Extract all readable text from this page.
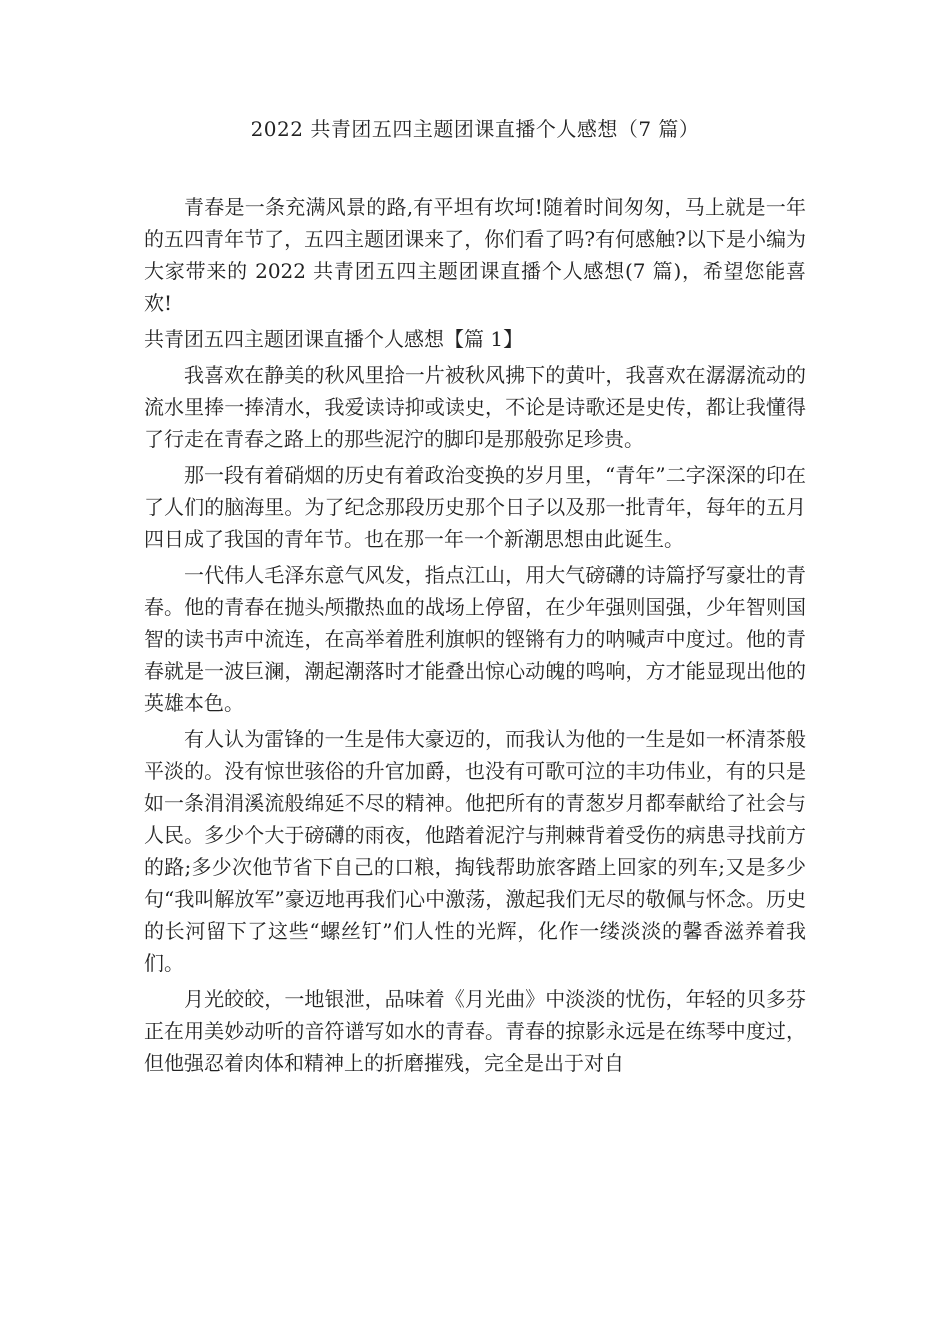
2022 共青团五四主题团课直播个人感想（7 篇）

青春是一条充满风景的路,有平坦有坎坷!随着时间匆匆，马上就是一年的五四青年节了，五四主题团课来了，你们看了吗?有何感触?以下是小编为大家带来的 2022 共青团五四主题团课直播个人感想(7 篇)，希望您能喜欢!

共青团五四主题团课直播个人感想【篇 1】

我喜欢在静美的秋风里拾一片被秋风拂下的黄叶，我喜欢在潺潺流动的流水里捧一捧清水，我爱读诗抑或读史，不论是诗歌还是史传，都让我懂得了行走在青春之路上的那些泥泞的脚印是那般弥足珍贵。

那一段有着硝烟的历史有着政治变换的岁月里，“青年”二字深深的印在了人们的脑海里。为了纪念那段历史那个日子以及那一批青年，每年的五月四日成了我国的青年节。也在那一年一个新潮思想由此诞生。

一代伟人毛泽东意气风发，指点江山，用大气磅礴的诗篇抒写豪壮的青春。他的青春在抛头颅撒热血的战场上停留，在少年强则国强，少年智则国智的读书声中流连，在高举着胜利旗帜的铿锵有力的呐喊声中度过。他的青春就是一波巨澜，潮起潮落时才能叠出惊心动魄的鸣响，方才能显现出他的英雄本色。

有人认为雷锋的一生是伟大豪迈的，而我认为他的一生是如一杯清茶般平淡的。没有惊世骇俗的升官加爵，也没有可歌可泣的丰功伟业，有的只是如一条涓涓溪流般绵延不尽的精神。他把所有的青葱岁月都奉献给了社会与人民。多少个大于磅礴的雨夜，他踏着泥泞与荆棘背着受伤的病患寻找前方的路;多少次他节省下自己的口粮，掏钱帮助旅客踏上回家的列车;又是多少句“我叫解放军”豪迈地再我们心中激荡，激起我们无尽的敬佩与怀念。历史的长河留下了这些“螺丝钉”们人性的光辉，化作一缕淡淡的馨香滋养着我们。

月光皎皎，一地银泄，品味着《月光曲》中淡淡的忧伤，年轻的贝多芬正在用美妙动听的音符谱写如水的青春。青春的掠影永远是在练琴中度过，但他强忍着肉体和精神上的折磨摧残，完全是出于对自
